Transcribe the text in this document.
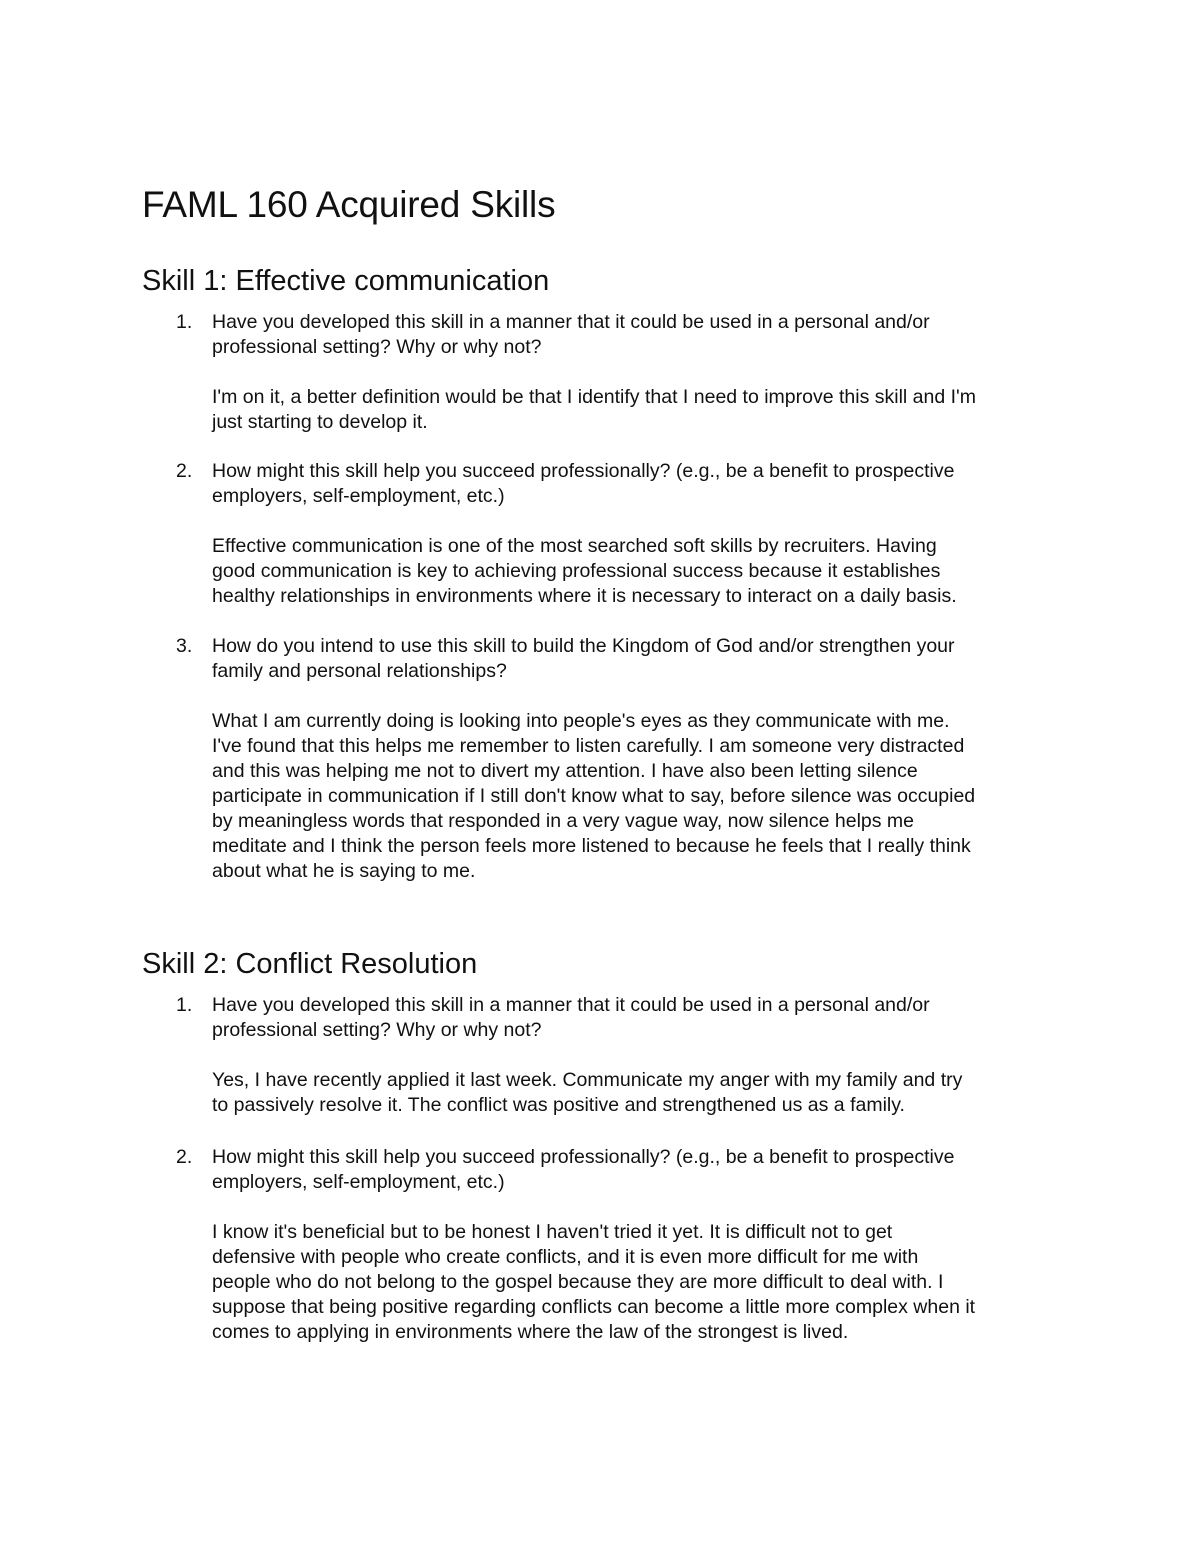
FAML 160 Acquired Skills
Skill 1: Effective communication
1. Have you developed this skill in a manner that it could be used in a personal and/or
professional setting? Why or why not?
I'm on it, a better definition would be that I identify that I need to improve this skill and I'm
just starting to develop it.
2. How might this skill help you succeed professionally? (e.g., be a benefit to prospective
employers, self-employment, etc.)
Effective communication is one of the most searched soft skills by recruiters. Having
good communication is key to achieving professional success because it establishes
healthy relationships in environments where it is necessary to interact on a daily basis.
3. How do you intend to use this skill to build the Kingdom of God and/or strengthen your
family and personal relationships?
What I am currently doing is looking into people's eyes as they communicate with me.
I've found that this helps me remember to listen carefully. I am someone very distracted
and this was helping me not to divert my attention. I have also been letting silence
participate in communication if I still don't know what to say, before silence was occupied
by meaningless words that responded in a very vague way, now silence helps me
meditate and I think the person feels more listened to because he feels that I really think
about what he is saying to me.
Skill 2: Conflict Resolution
1. Have you developed this skill in a manner that it could be used in a personal and/or
professional setting? Why or why not?
Yes, I have recently applied it last week. Communicate my anger with my family and try
to passively resolve it. The conflict was positive and strengthened us as a family.
2. How might this skill help you succeed professionally? (e.g., be a benefit to prospective
employers, self-employment, etc.)
I know it's beneficial but to be honest I haven't tried it yet. It is difficult not to get
defensive with people who create conflicts, and it is even more difficult for me with
people who do not belong to the gospel because they are more difficult to deal with. I
suppose that being positive regarding conflicts can become a little more complex when it
comes to applying in environments where the law of the strongest is lived.
